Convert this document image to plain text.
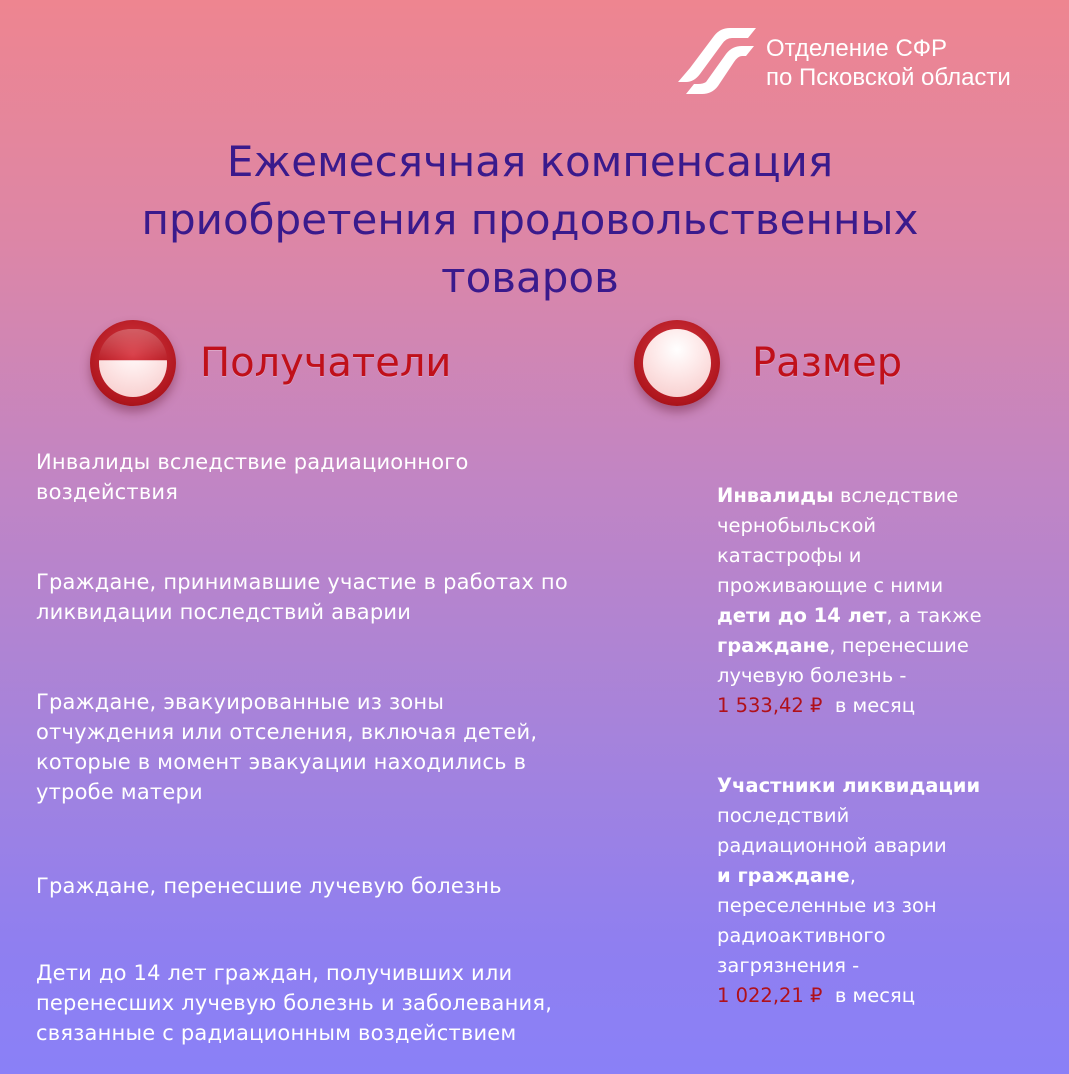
Отделение СФР
по Псковской области
Ежемесячная компенсация
приобретения продовольственных
товаров
Получатели	Размер
Инвалиды вследствие радиационного
воздействия
Граждане, принимавшие участие в работах по
ликвидации последствий аварии
Граждане, эвакуированные из зоны
отчуждения или отселения, включая детей,
которые в момент эвакуации находились в
утробе матери
Граждане, перенесшие лучевую болезнь
Дети до 14 лет граждан, получивших или
перенесших лучевую болезнь и заболевания,
связанные с радиационным воздействием
Инвалиды вследствие
чернобыльской
катастрофы и
проживающие с ними
дети до 14 лет, а также
граждане, перенесшие
лучевую болезнь -
1 533,42 ₽  в месяц
Участники ликвидации
последствий
радиационной аварии
и граждане,
переселенные из зон
радиоактивного
загрязнения -
1 022,21 ₽  в месяц
